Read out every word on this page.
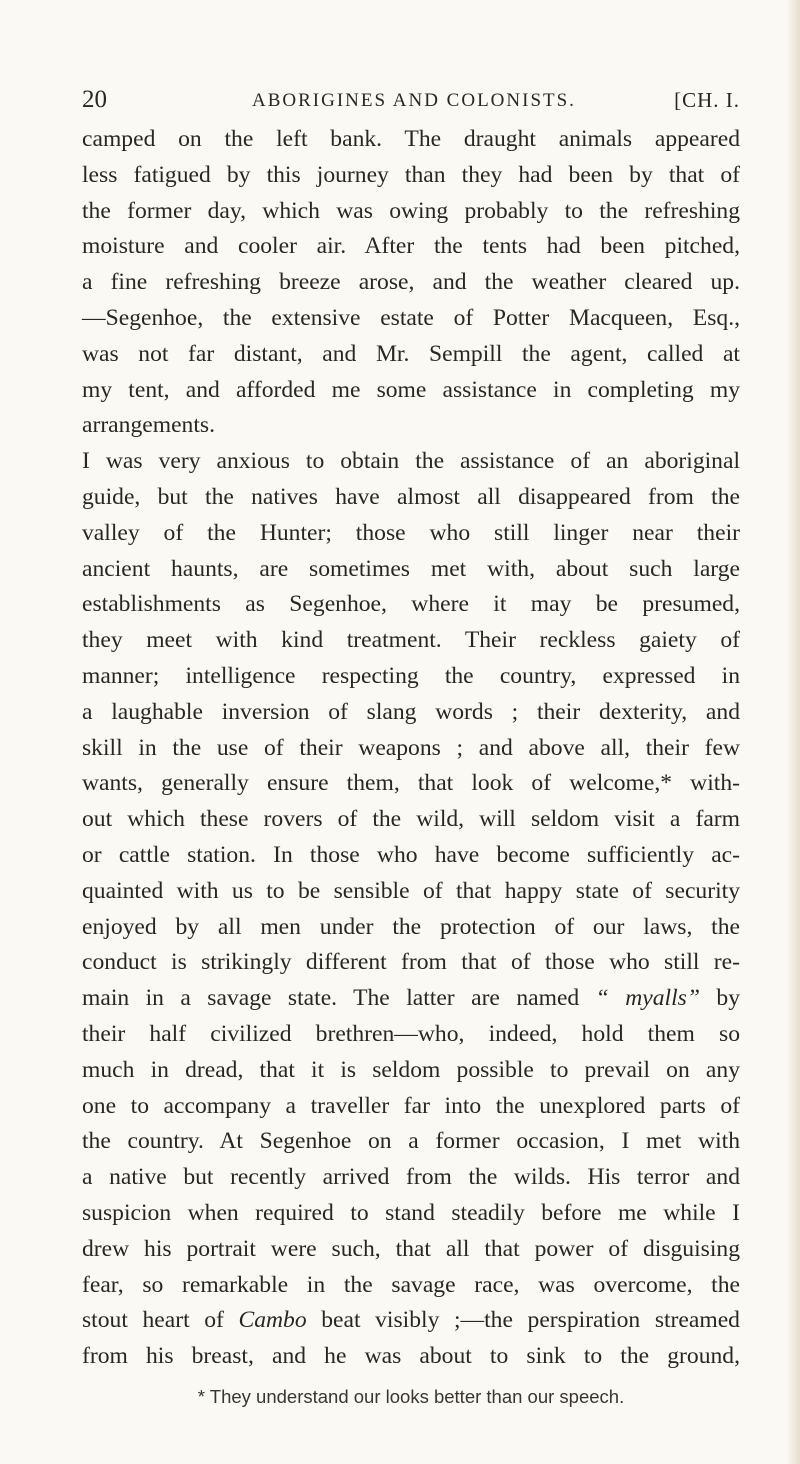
20	ABORIGINES AND COLONISTS.	[CH. I.
camped on the left bank. The draught animals appeared
less fatigued by this journey than they had been by that of
the former day, which was owing probably to the refreshing
moisture and cooler air. After the tents had been pitched,
a fine refreshing breeze arose, and the weather cleared up.
—Segenhoe, the extensive estate of Potter Macqueen, Esq.,
was not far distant, and Mr. Sempill the agent, called at
my tent, and afforded me some assistance in completing my
arrangements.
I was very anxious to obtain the assistance of an aboriginal
guide, but the natives have almost all disappeared from the
valley of the Hunter; those who still linger near their
ancient haunts, are sometimes met with, about such large
establishments as Segenhoe, where it may be presumed,
they meet with kind treatment. Their reckless gaiety of
manner; intelligence respecting the country, expressed in
a laughable inversion of slang words ; their dexterity, and
skill in the use of their weapons ; and above all, their few
wants, generally ensure them, that look of welcome,* with-
out which these rovers of the wild, will seldom visit a farm
or cattle station. In those who have become sufficiently ac-
quainted with us to be sensible of that happy state of security
enjoyed by all men under the protection of our laws, the
conduct is strikingly different from that of those who still re-
main in a savage state. The latter are named “ myalls” by
their half civilized brethren—who, indeed, hold them so
much in dread, that it is seldom possible to prevail on any
one to accompany a traveller far into the unexplored parts of
the country. At Segenhoe on a former occasion, I met with
a native but recently arrived from the wilds. His terror and
suspicion when required to stand steadily before me while I
drew his portrait were such, that all that power of disguising
fear, so remarkable in the savage race, was overcome, the
stout heart of Cambo beat visibly ;—the perspiration streamed
from his breast, and he was about to sink to the ground,
* They understand our looks better than our speech.
